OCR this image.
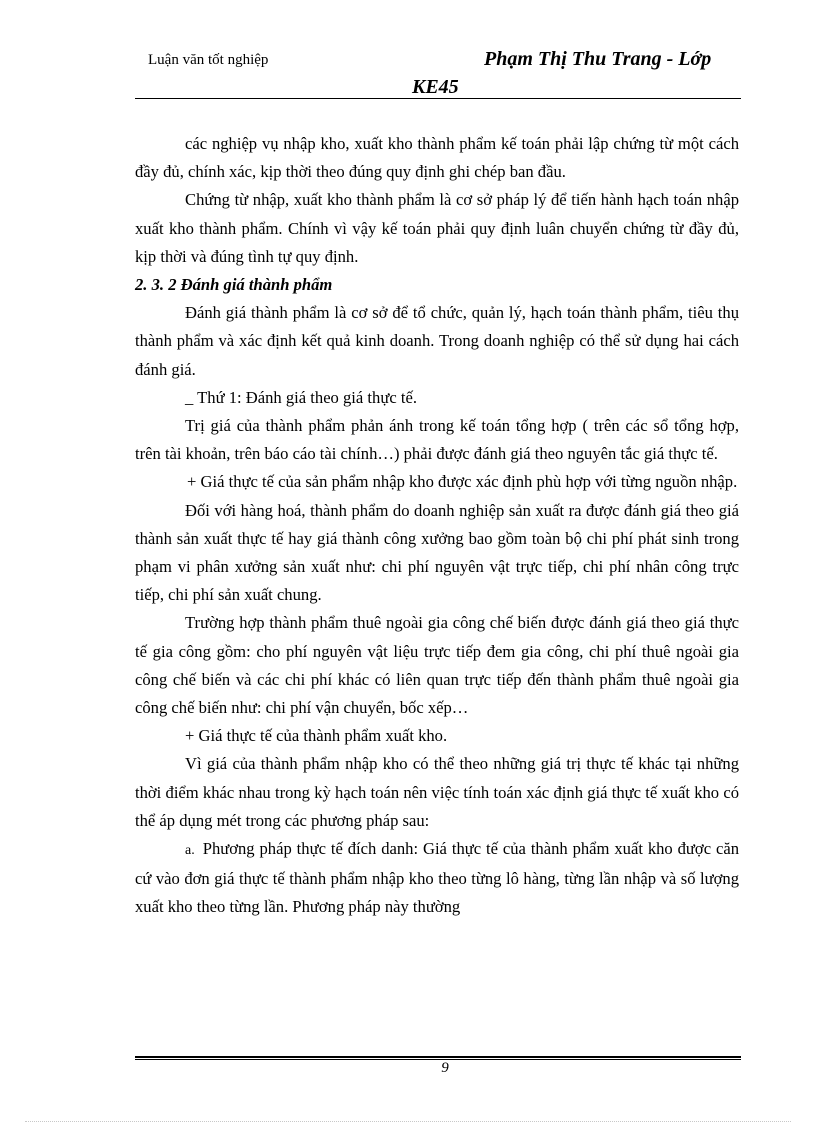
Luận văn tốt nghiệp	Phạm Thị Thu Trang - Lớp
KE45

các nghiệp vụ nhập kho, xuất kho thành phẩm kế toán phải lập chứng từ một cách đầy đủ, chính xác, kịp thời theo đúng quy định ghi chép ban đầu.

Chứng từ nhập, xuất kho thành phẩm là cơ sở pháp lý để tiến hành hạch toán nhập xuất kho thành phẩm. Chính vì vậy kế toán phải quy định luân chuyển chứng từ đầy đủ, kịp thời và đúng tình tự quy định.

2. 3. 2 Đánh giá thành phẩm

Đánh giá thành phẩm là cơ sở để tổ chức, quản lý, hạch toán thành phẩm, tiêu thụ thành phẩm và xác định kết quả kinh doanh. Trong doanh nghiệp có thể sử dụng hai cách đánh giá.

_ Thứ 1: Đánh giá theo giá thực tế.

Trị giá của thành phẩm phản ánh trong kế toán tổng hợp ( trên các sổ tổng hợp, trên tài khoản, trên báo cáo tài chính…) phải được đánh giá theo nguyên tắc giá thực tế.

+ Giá thực tế của sản phẩm nhập kho được xác định phù hợp với từng nguồn nhập.

Đối với hàng hoá, thành phẩm do doanh nghiệp sản xuất ra được đánh giá theo giá thành sản xuất thực tế hay giá thành công xưởng bao gồm toàn bộ chi phí phát sinh trong phạm vi phân xưởng sản xuất như: chi phí nguyên vật trực tiếp, chi phí nhân công trực tiếp, chi phí sản xuất chung.

Trường hợp thành phẩm thuê ngoài gia công chế biến được đánh giá theo giá thực tế gia công gồm: cho phí nguyên vật liệu trực tiếp đem gia công, chi phí thuê ngoài gia công chế biến và các chi phí khác có liên quan trực tiếp đến thành phẩm thuê ngoài gia công chế biến như: chi phí vận chuyển, bốc xếp…

+ Giá thực tế của thành phẩm xuất kho.

Vì giá của thành phẩm nhập kho có thể theo những giá trị thực tế khác tại những thời điểm khác nhau trong kỳ hạch toán nên việc tính toán xác định giá thực tế xuất kho có thể áp dụng mét trong các phương pháp sau:

a. Phương pháp thực tế đích danh: Giá thực tế của thành phẩm xuất kho được căn cứ vào đơn giá thực tế thành phẩm nhập kho theo từng lô hàng, từng lần nhập và số lượng xuất kho theo từng lần. Phương pháp này thường

9
